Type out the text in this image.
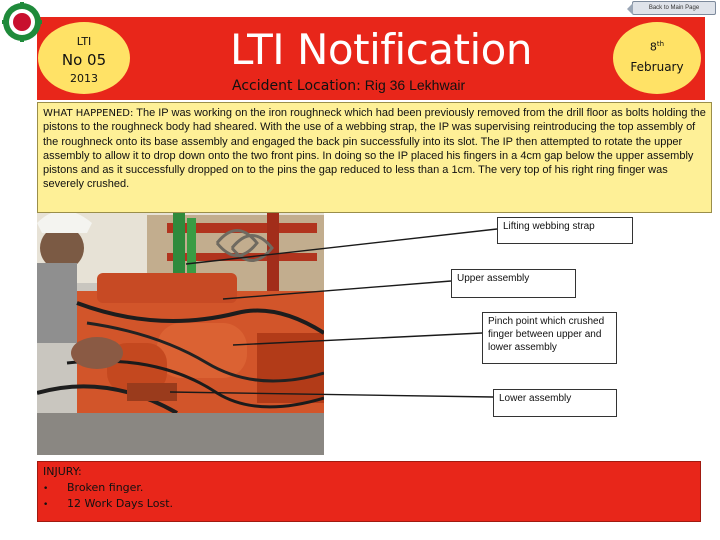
Back to Main Page
LTI
No 05
2013
LTI Notification
Accident Location: Rig 36 Lekhwair
8th
February
WHAT HAPPENED: The IP was working on the iron roughneck which had been previously removed from the drill floor as bolts holding the pistons to the roughneck body had sheared. With the use of a webbing strap, the IP was supervising reintroducing the top assembly of the roughneck onto its base assembly and engaged the back pin successfully into its slot. The IP then attempted to rotate the upper assembly to allow it to drop down onto the two front pins. In doing so the IP placed his fingers in a 4cm gap below the upper assembly pistons and as it successfully dropped on to the pins the gap reduced to less than a 1cm. The very top of his right ring finger was severely crushed.
Lifting webbing strap
Upper assembly
Pinch point which crushed finger between upper and lower assembly
Lower assembly
INJURY:
• Broken finger.
• 12 Work Days Lost.
